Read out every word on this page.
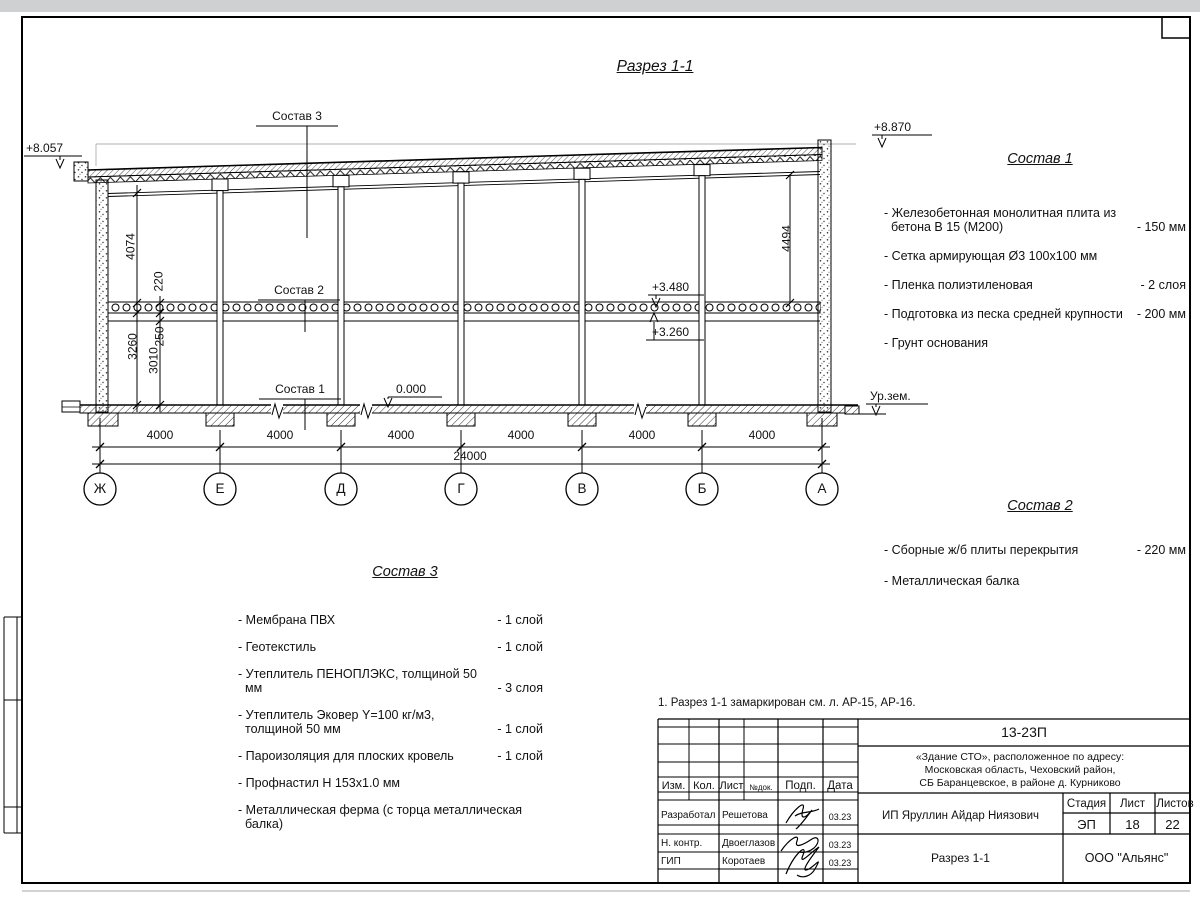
Разрез 1-1
Состав 3
Состав 2
Состав 1
+8.057
+8.870
+3.480
+3.260
0.000	Ур.зем.
4074
220
250
3260
3010
4494
4000	4000	4000	4000	4000	4000
24000
Ж	Е	Д	Г	В	Б	А
Состав 1
- Железобетонная монолитная плита из бетона В 15 (М200)	- 150 мм
- Сетка армирующая Ø3 100х100 мм
- Пленка полиэтиленовая	- 2 слоя
- Подготовка из песка средней крупности	- 200 мм
- Грунт основания
Состав 2
- Сборные ж/б плиты перекрытия	- 220 мм
- Металлическая балка
Состав 3
- Мембрана ПВХ	- 1 слой
- Геотекстиль	- 1 слой
- Утеплитель ПЕНОПЛЭКС, толщиной 50 мм	- 3 слоя
- Утеплитель Эковер Y=100 кг/м3, толщиной 50 мм	- 1 слой
- Пароизоляция для плоских кровель	- 1 слой
- Профнастил Н 153х1.0 мм
- Металлическая ферма (с торца металлическая балка)
1. Разрез 1-1 замаркирован см. л. АР-15, АР-16.
13-23П
«Здание СТО», расположенное по адресу:
Московская область, Чеховский район,
СБ Баранцевское, в районе д. Курниково
ИП Яруллин Айдар Ниязович
Стадия	Лист Листов
ЭП	18	22
Разрез 1-1	ООО "Альянс"
Изм. Кол. Лист №док.	Подп.	Дата
Разработал Решетова	03.23
Н. контр. Двоеглазов	03.23
ГИП	Коротаев	03.23
